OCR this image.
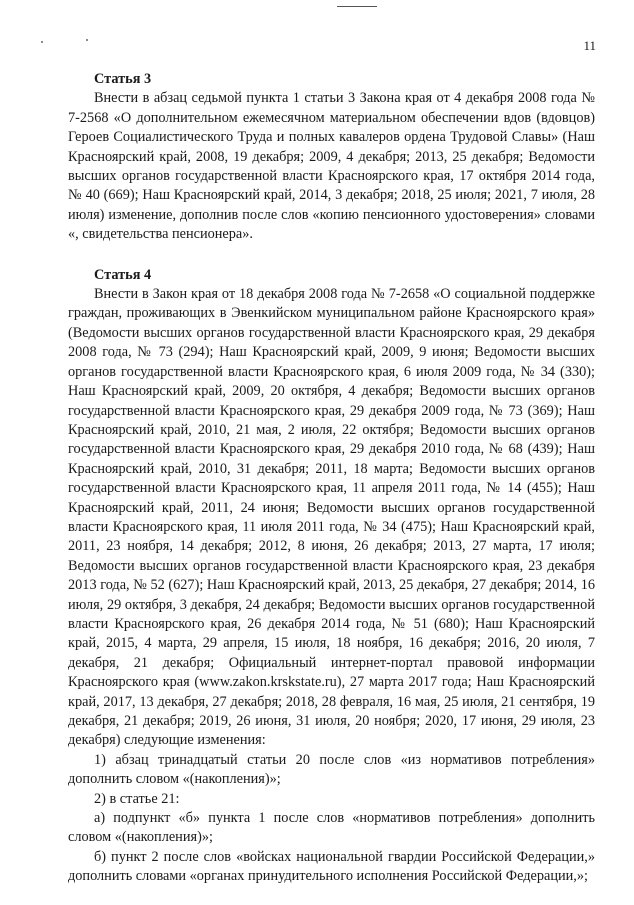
11

Статья 3

Внести в абзац седьмой пункта 1 статьи 3 Закона края от 4 декабря 2008 года № 7-2568 «О дополнительном ежемесячном материальном обеспечении вдов (вдовцов) Героев Социалистического Труда и полных кавалеров ордена Трудовой Славы» (Наш Красноярский край, 2008, 19 декабря; 2009, 4 декабря; 2013, 25 декабря; Ведомости высших органов государственной власти Красноярского края, 17 октября 2014 года, № 40 (669); Наш Красноярский край, 2014, 3 декабря; 2018, 25 июля; 2021, 7 июля, 28 июля) изменение, дополнив после слов «копию пенсионного удостоверения» словами «, свидетельства пенсионера».

Статья 4

Внести в Закон края от 18 декабря 2008 года № 7-2658 «О социальной поддержке граждан, проживающих в Эвенкийском муниципальном районе Красноярского края» (Ведомости высших органов государственной власти Красноярского края, 29 декабря 2008 года, № 73 (294); Наш Красноярский край, 2009, 9 июня; Ведомости высших органов государственной власти Красноярского края, 6 июля 2009 года, № 34 (330); Наш Красноярский край, 2009, 20 октября, 4 декабря; Ведомости высших органов государственной власти Красноярского края, 29 декабря 2009 года, № 73 (369); Наш Красноярский край, 2010, 21 мая, 2 июля, 22 октября; Ведомости высших органов государственной власти Красноярского края, 29 декабря 2010 года, № 68 (439); Наш Красноярский край, 2010, 31 декабря; 2011, 18 марта; Ведомости высших органов государственной власти Красноярского края, 11 апреля 2011 года, № 14 (455); Наш Красноярский край, 2011, 24 июня; Ведомости высших органов государственной власти Красноярского края, 11 июля 2011 года, № 34 (475); Наш Красноярский край, 2011, 23 ноября, 14 декабря; 2012, 8 июня, 26 декабря; 2013, 27 марта, 17 июля; Ведомости высших органов государственной власти Красноярского края, 23 декабря 2013 года, № 52 (627); Наш Красноярский край, 2013, 25 декабря, 27 декабря; 2014, 16 июля, 29 октября, 3 декабря, 24 декабря; Ведомости высших органов государственной власти Красноярского края, 26 декабря 2014 года, № 51 (680); Наш Красноярский край, 2015, 4 марта, 29 апреля, 15 июля, 18 ноября, 16 декабря; 2016, 20 июля, 7 декабря, 21 декабря; Официальный интернет-портал правовой информации Красноярского края (www.zakon.krskstate.ru), 27 марта 2017 года; Наш Красноярский край, 2017, 13 декабря, 27 декабря; 2018, 28 февраля, 16 мая, 25 июля, 21 сентября, 19 декабря, 21 декабря; 2019, 26 июня, 31 июля, 20 ноября; 2020, 17 июня, 29 июля, 23 декабря) следующие изменения:

1) абзац тринадцатый статьи 20 после слов «из нормативов потребления» дополнить словом «(накопления)»;

2) в статье 21:

а) подпункт «б» пункта 1 после слов «нормативов потребления» дополнить словом «(накопления)»;

б) пункт 2 после слов «войсках национальной гвардии Российской Федерации,» дополнить словами «органах принудительного исполнения Российской Федерации,»;
